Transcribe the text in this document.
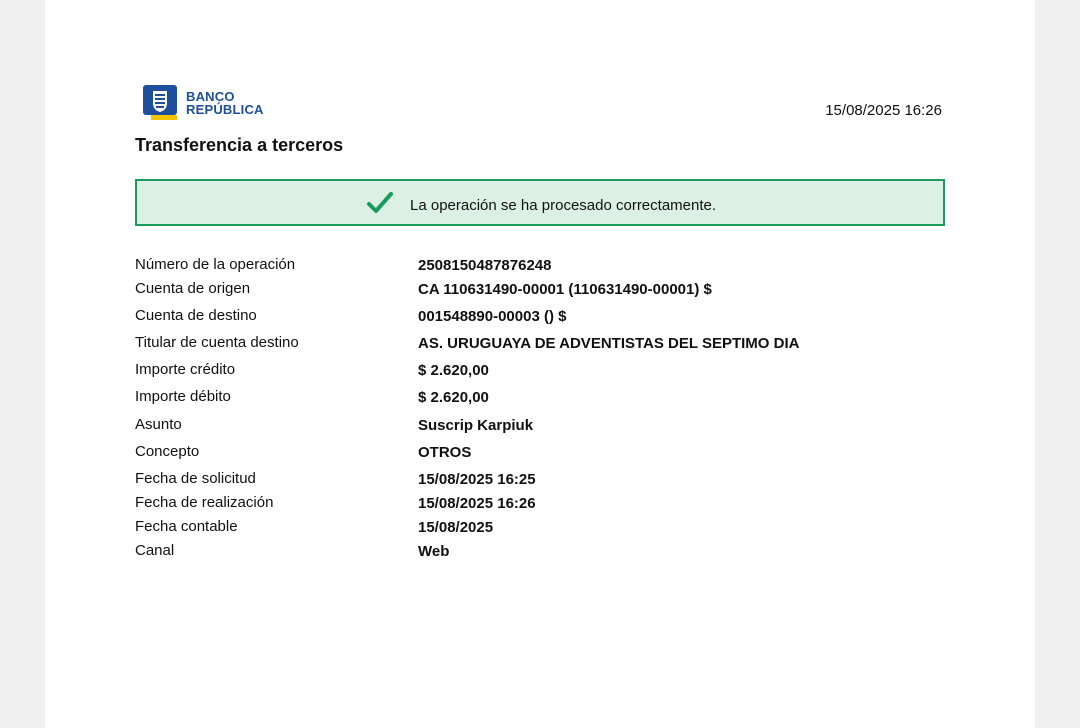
BANCO
REPÚBLICA	15/08/2025 16:26
Transferencia a terceros
La operación se ha procesado correctamente.
Número de la operación	2508150487876248
Cuenta de origen	CA 110631490-00001 (110631490-00001) $
Cuenta de destino	001548890-00003 () $
Titular de cuenta destino	AS. URUGUAYA DE ADVENTISTAS DEL SEPTIMO DIA
Importe crédito	$ 2.620,00
Importe débito	$ 2.620,00
Asunto	Suscrip Karpiuk
Concepto	OTROS
Fecha de solicitud	15/08/2025 16:25
Fecha de realización	15/08/2025 16:26
Fecha contable	15/08/2025
Canal	Web
